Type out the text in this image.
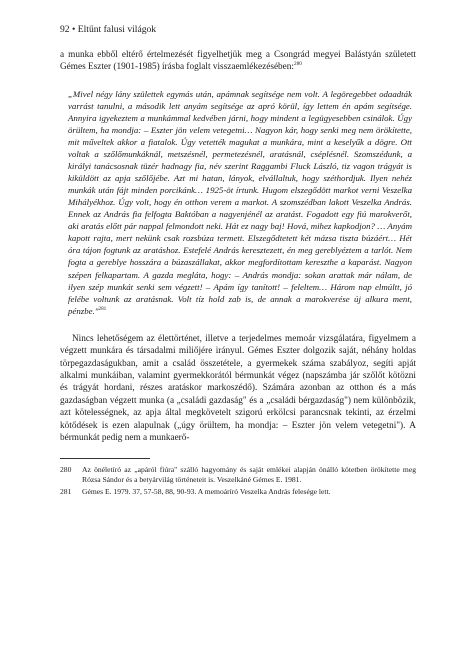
92 • Eltűnt falusi világok

a munka ebből eltérő értelmezését figyelhetjük meg a Csongrád megyei Balástyán született Gémes Eszter (1901-1985) írásba foglalt visszaemlékezésében:$^{280}$

„Mivel négy lány születtek egymás után, apámnak segítsége nem volt. A legöregebbet odaadták varrást tanulni, a második lett anyám segítsége az apró körül, így lettem én apám segítsége. Annyira igyekeztem a munkámmal kedvében járni, hogy mindent a legügyesebben csinálok. Úgy örültem, ha mondja: – Eszter jön velem vetegetni… Nagyon kár, hogy senki meg nem örökítette, mit műveltek akkor a fiatalok. Úgy vetették magukat a munkára, mint a keselyűk a dögre. Ott voltak a szőlőmunkáknál, metszésnél, permetezésnél, aratásnál, cséplésnél. Szomszédunk, a királyi tanácsosnak tüzér hadnagy fia, név szerint Raggambi Fluck László, tiz vagon trágyát is kiküldött az apja szőlőjébe. Azt mi hatan, lányok, elvállaltuk, hogy széthordjuk. Ilyen nehéz munkák után fájt minden porcikánk… 1925-öt írtunk. Hugom elszegődött markot verni Veszelka Mihályékhoz. Úgy volt, hogy én otthon verem a markot. A szomszédban lakott Veszelka András. Ennek az András fia felfogta Baktóban a nagyenjénél az aratást. Fogadott egy fiú marokverőt, aki aratás előtt pár nappal felmondott neki. Hát ez nagy baj! Hová, mihez kapkodjon? … Anyám kapott rajta, mert nekünk csak rozsbúza termett. Elszegődtetett két mázsa tiszta búzáért… Hét óra tájon fogtunk az aratáshoz. Estefelé András keresztezett, én meg gereblyéztem a tarlót. Nem fogta a gereblye hosszára a búzaszállakat, akkor megfordítottam kereszthe a kaparást. Nagyon szépen felkapartam. A gazda megláta, hogy: – András mondja: sokan arattak már nálam, de ilyen szép munkát senki sem végzett! – Apám így tanított! – feleltem… Három nap elmúltt, jó felébe voltunk az aratásnak. Volt tíz hold zab is, de annak a marokverése új alkura ment, pénzbe."$^{281}$

Nincs lehetőségem az élettörténet, illetve a terjedelmes memoár vizsgálatára, figyelmem a végzett munkára és társadalmi miliőjére irányul. Gémes Eszter dolgozik saját, néhány holdas törpegazdaságukban, amit a család összetétele, a gyermekek száma szabályoz, segíti apját alkalmi munkáiban, valamint gyermekkorától bérmunkát végez (napszámba jár szőlőt kötözni és trágyát hordani, részes aratáskor markoszédő). Számára azonban az otthon és a más gazdaságban végzett munka (a „családi gazdaság" és a „családi bérgazdaság") nem különbözik, azt kötelességnek, az apja által megkövetelt szigorú erkölcsi parancsnak tekinti, az érzelmi kötődések is ezen alapulnak („úgy örültem, ha mondja: – Eszter jön velem vetegetni"). A bérmunkát pedig nem a munkaerő-

280	Az önéletíró az „apáról fiúra" szálló hagyomány és saját emlékei alapján önálló kötetben örökítette meg Rózsa Sándor és a betyárvilág történeteit is. Veszelkáné Gémes E. 1981.
281	Gémes E. 1979. 37, 57-58, 88, 90-93. A memoáríró Veszelka András felesége lett.
